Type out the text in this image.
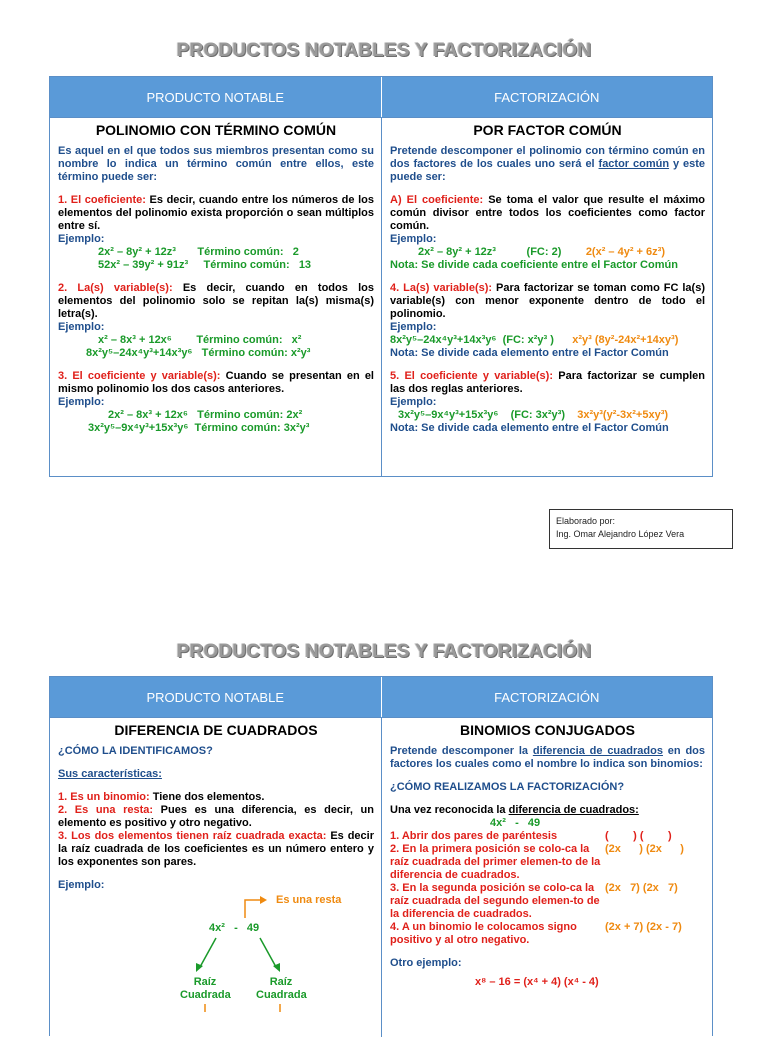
PRODUCTOS NOTABLES Y FACTORIZACIÓN
PRODUCTO NOTABLE	FACTORIZACIÓN
POLINOMIO CON TÉRMINO COMÚN
Es aquel en el que todos sus miembros presentan como su nombre lo indica un término común entre ellos, este término puede ser:
1. El coeficiente: Es decir, cuando entre los números de los elementos del polinomio exista proporción o sean múltiplos entre sí.
Ejemplo:
2x² – 8y² + 12z³       Término común:   2
52x² – 39y² + 91z³     Término común:   13
2. La(s) variable(s): Es decir, cuando en todos los elementos del polinomio solo se repitan la(s) misma(s) letra(s).
Ejemplo:
x² – 8x³ + 12x⁶        Término común:   x²
8x²y⁵–24x⁴y³+14x³y⁶   Término común: x²y³
3. El coeficiente y variable(s): Cuando se presentan en el mismo polinomio los dos casos anteriores.
Ejemplo:
2x² – 8x³ + 12x⁶   Término común: 2x²
3x²y⁵–9x⁴y³+15x³y⁶  Término común: 3x²y³
POR FACTOR COMÚN
Pretende descomponer el polinomio con término común en dos factores de los cuales uno será el factor común y este puede ser:
A) El coeficiente: Se toma el valor que resulte el máximo común divisor entre todos los coeficientes como factor común.
Ejemplo:
2x² – 8y² + 12z³	(FC: 2) 2(x² – 4y² + 6z³)
Nota: Se divide cada coeficiente entre el Factor Común
4. La(s) variable(s): Para factorizar se toman como FC la(s) variable(s) con menor exponente dentro de todo el polinomio.
Ejemplo:
8x²y⁵–24x⁴y³+14x³y⁶  (FC: x²y³ ) x²y³ (8y²-24x²+14xy³)
Nota: Se divide cada elemento entre el Factor Común
5. El coeficiente y variable(s): Para factorizar se cumplen las dos reglas anteriores.
Ejemplo:
3x²y⁵–9x⁴y³+15x³y⁶    (FC: 3x²y³) 3x²y³(y²-3x²+5xy³)
Nota: Se divide cada elemento entre el Factor Común
Elaborado por:
Ing. Omar Alejandro López Vera
PRODUCTOS NOTABLES Y FACTORIZACIÓN
PRODUCTO NOTABLE	FACTORIZACIÓN
DIFERENCIA DE CUADRADOS
¿CÓMO LA IDENTIFICAMOS?
Sus características:
1. Es un binomio: Tiene dos elementos.
2. Es una resta: Pues es una diferencia, es decir, un elemento es positivo y otro negativo.
3. Los dos elementos tienen raíz cuadrada exacta: Es decir la raíz cuadrada de los coeficientes es un número entero y los exponentes son pares.
Ejemplo:
Es una resta
4x²   -   49
Raíz
Cuadrada
Raíz
Cuadrada
BINOMIOS CONJUGADOS
Pretende descomponer la diferencia de cuadrados en dos factores los cuales como el nombre lo indica son binomios:
¿CÓMO REALIZAMOS LA FACTORIZACIÓN?
Una vez reconocida la diferencia de cuadrados:
4x²   -   49
1. Abrir dos pares de paréntesis	(        ) (        )
2. En la primera posición se colo-ca la raíz cuadrada del primer elemen-to de la diferencia de cuadrados.
(2x      ) (2x      )
3. En la segunda posición se colo-ca la raíz cuadrada del segundo elemen-to de la diferencia de cuadrados.
(2x   7) (2x   7)
4. A un binomio le colocamos signo positivo y al otro negativo.
(2x + 7) (2x - 7)
Otro ejemplo:
x⁸ – 16 = (x⁴ + 4) (x⁴ - 4)
